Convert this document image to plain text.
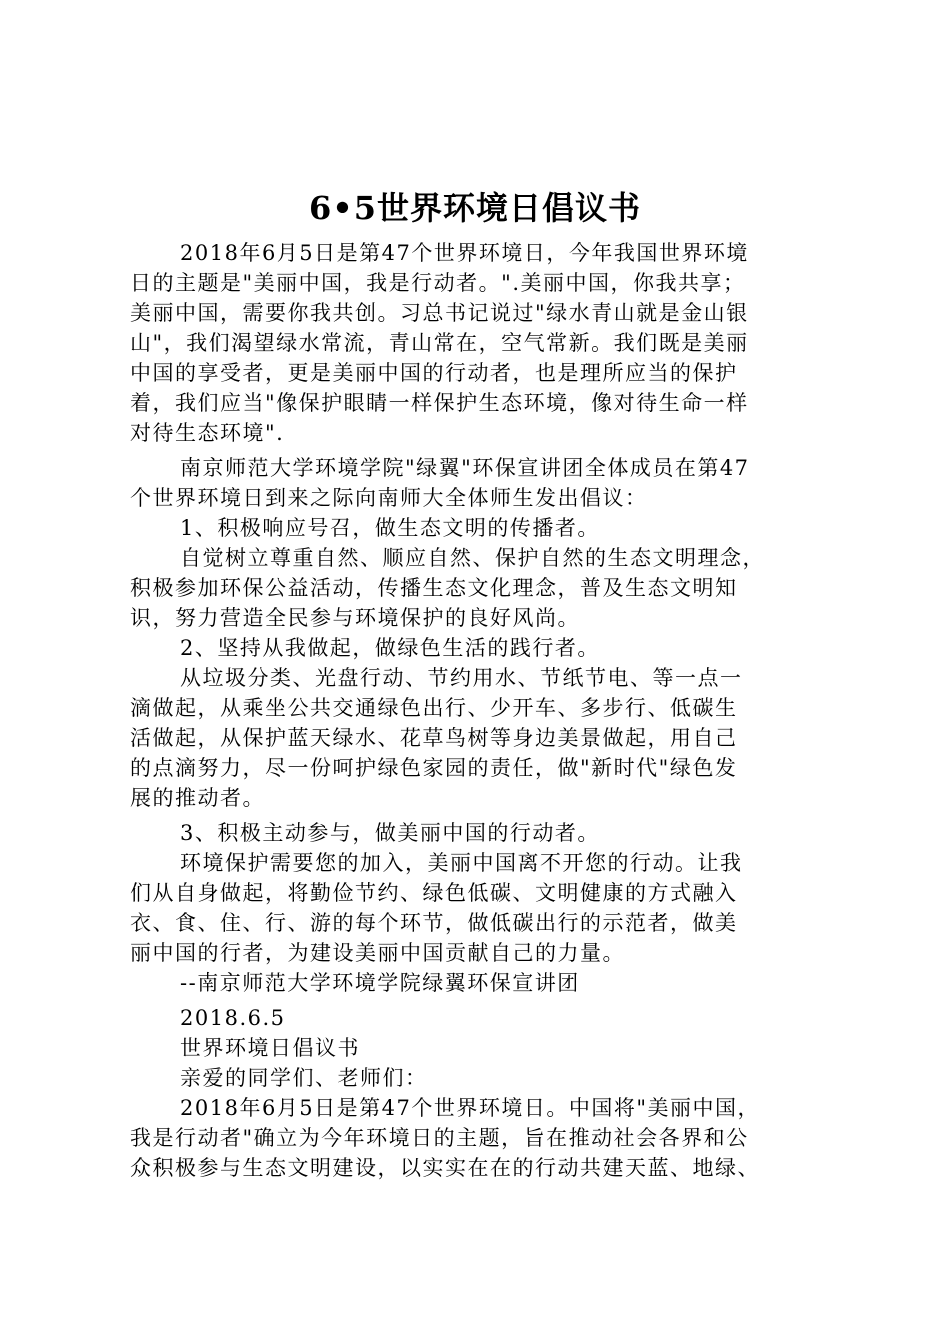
6•5世界环境日倡议书
2018年6月5日是第47个世界环境日，今年我国世界环境
日的主题是"美丽中国，我是行动者。".美丽中国，你我共享；
美丽中国，需要你我共创。习总书记说过"绿水青山就是金山银
山"，我们渴望绿水常流，青山常在，空气常新。我们既是美丽
中国的享受者，更是美丽中国的行动者，也是理所应当的保护
着，我们应当"像保护眼睛一样保护生态环境，像对待生命一样
对待生态环境".
南京师范大学环境学院"绿翼"环保宣讲团全体成员在第47
个世界环境日到来之际向南师大全体师生发出倡议：
1、积极响应号召，做生态文明的传播者。
自觉树立尊重自然、顺应自然、保护自然的生态文明理念，
积极参加环保公益活动，传播生态文化理念，普及生态文明知
识，努力营造全民参与环境保护的良好风尚。
2、坚持从我做起，做绿色生活的践行者。
从垃圾分类、光盘行动、节约用水、节纸节电、等一点一
滴做起，从乘坐公共交通绿色出行、少开车、多步行、低碳生
活做起，从保护蓝天绿水、花草鸟树等身边美景做起，用自己
的点滴努力，尽一份呵护绿色家园的责任，做"新时代"绿色发
展的推动者。
3、积极主动参与，做美丽中国的行动者。
环境保护需要您的加入，美丽中国离不开您的行动。让我
们从自身做起，将勤俭节约、绿色低碳、文明健康的方式融入
衣、食、住、行、游的每个环节，做低碳出行的示范者，做美
丽中国的行者，为建设美丽中国贡献自己的力量。
--南京师范大学环境学院绿翼环保宣讲团
2018.6.5
世界环境日倡议书
亲爱的同学们、老师们：
2018年6月5日是第47个世界环境日。中国将"美丽中国，
我是行动者"确立为今年环境日的主题，旨在推动社会各界和公
众积极参与生态文明建设，以实实在在的行动共建天蓝、地绿、
